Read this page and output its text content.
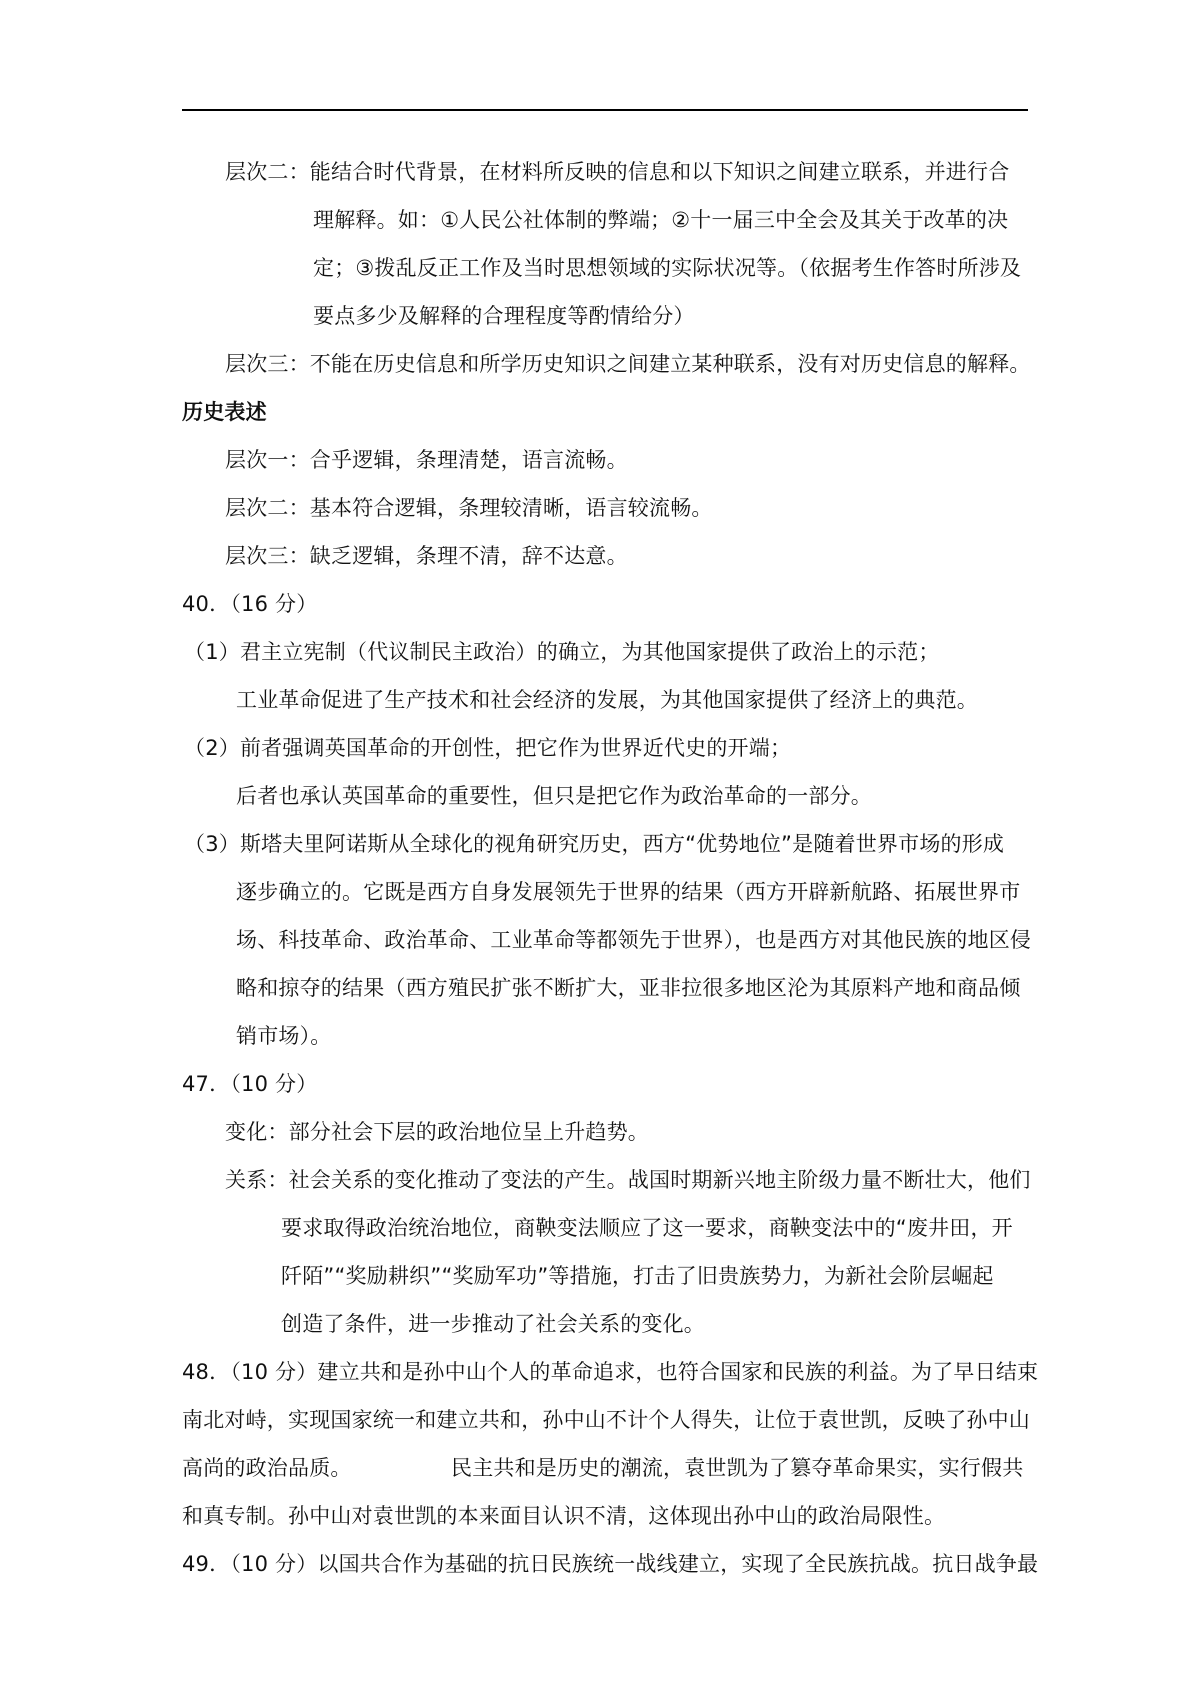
层次二：能结合时代背景，在材料所反映的信息和以下知识之间建立联系，并进行合
理解释。如：①人民公社体制的弊端；②十一届三中全会及其关于改革的决
定；③拨乱反正工作及当时思想领域的实际状况等。（依据考生作答时所涉及
要点多少及解释的合理程度等酌情给分）
层次三：不能在历史信息和所学历史知识之间建立某种联系，没有对历史信息的解释。
历史表述
层次一：合乎逻辑，条理清楚，语言流畅。
层次二：基本符合逻辑，条理较清晰，语言较流畅。
层次三：缺乏逻辑，条理不清，辞不达意。
40．（16 分）
（1）君主立宪制（代议制民主政治）的确立，为其他国家提供了政治上的示范；
工业革命促进了生产技术和社会经济的发展，为其他国家提供了经济上的典范。
（2）前者强调英国革命的开创性，把它作为世界近代史的开端；
后者也承认英国革命的重要性，但只是把它作为政治革命的一部分。
（3）斯塔夫里阿诺斯从全球化的视角研究历史，西方“优势地位”是随着世界市场的形成
逐步确立的。它既是西方自身发展领先于世界的结果（西方开辟新航路、拓展世界市
场、科技革命、政治革命、工业革命等都领先于世界），也是西方对其他民族的地区侵
略和掠夺的结果（西方殖民扩张不断扩大，亚非拉很多地区沦为其原料产地和商品倾
销市场）。
47．（10 分）
变化：部分社会下层的政治地位呈上升趋势。
关系：社会关系的变化推动了变法的产生。战国时期新兴地主阶级力量不断壮大，他们
要求取得政治统治地位，商鞅变法顺应了这一要求，商鞅变法中的“废井田，开
阡陌”“奖励耕织”“奖励军功”等措施，打击了旧贵族势力，为新社会阶层崛起
创造了条件，进一步推动了社会关系的变化。
48．（10 分）建立共和是孙中山个人的革命追求，也符合国家和民族的利益。为了早日结束
南北对峙，实现国家统一和建立共和，孙中山不计个人得失，让位于袁世凯，反映了孙中山
高尚的政治品质。	民主共和是历史的潮流，袁世凯为了篡夺革命果实，实行假共
和真专制。孙中山对袁世凯的本来面目认识不清，这体现出孙中山的政治局限性。
49．（10 分）以国共合作为基础的抗日民族统一战线建立，实现了全民族抗战。抗日战争最
